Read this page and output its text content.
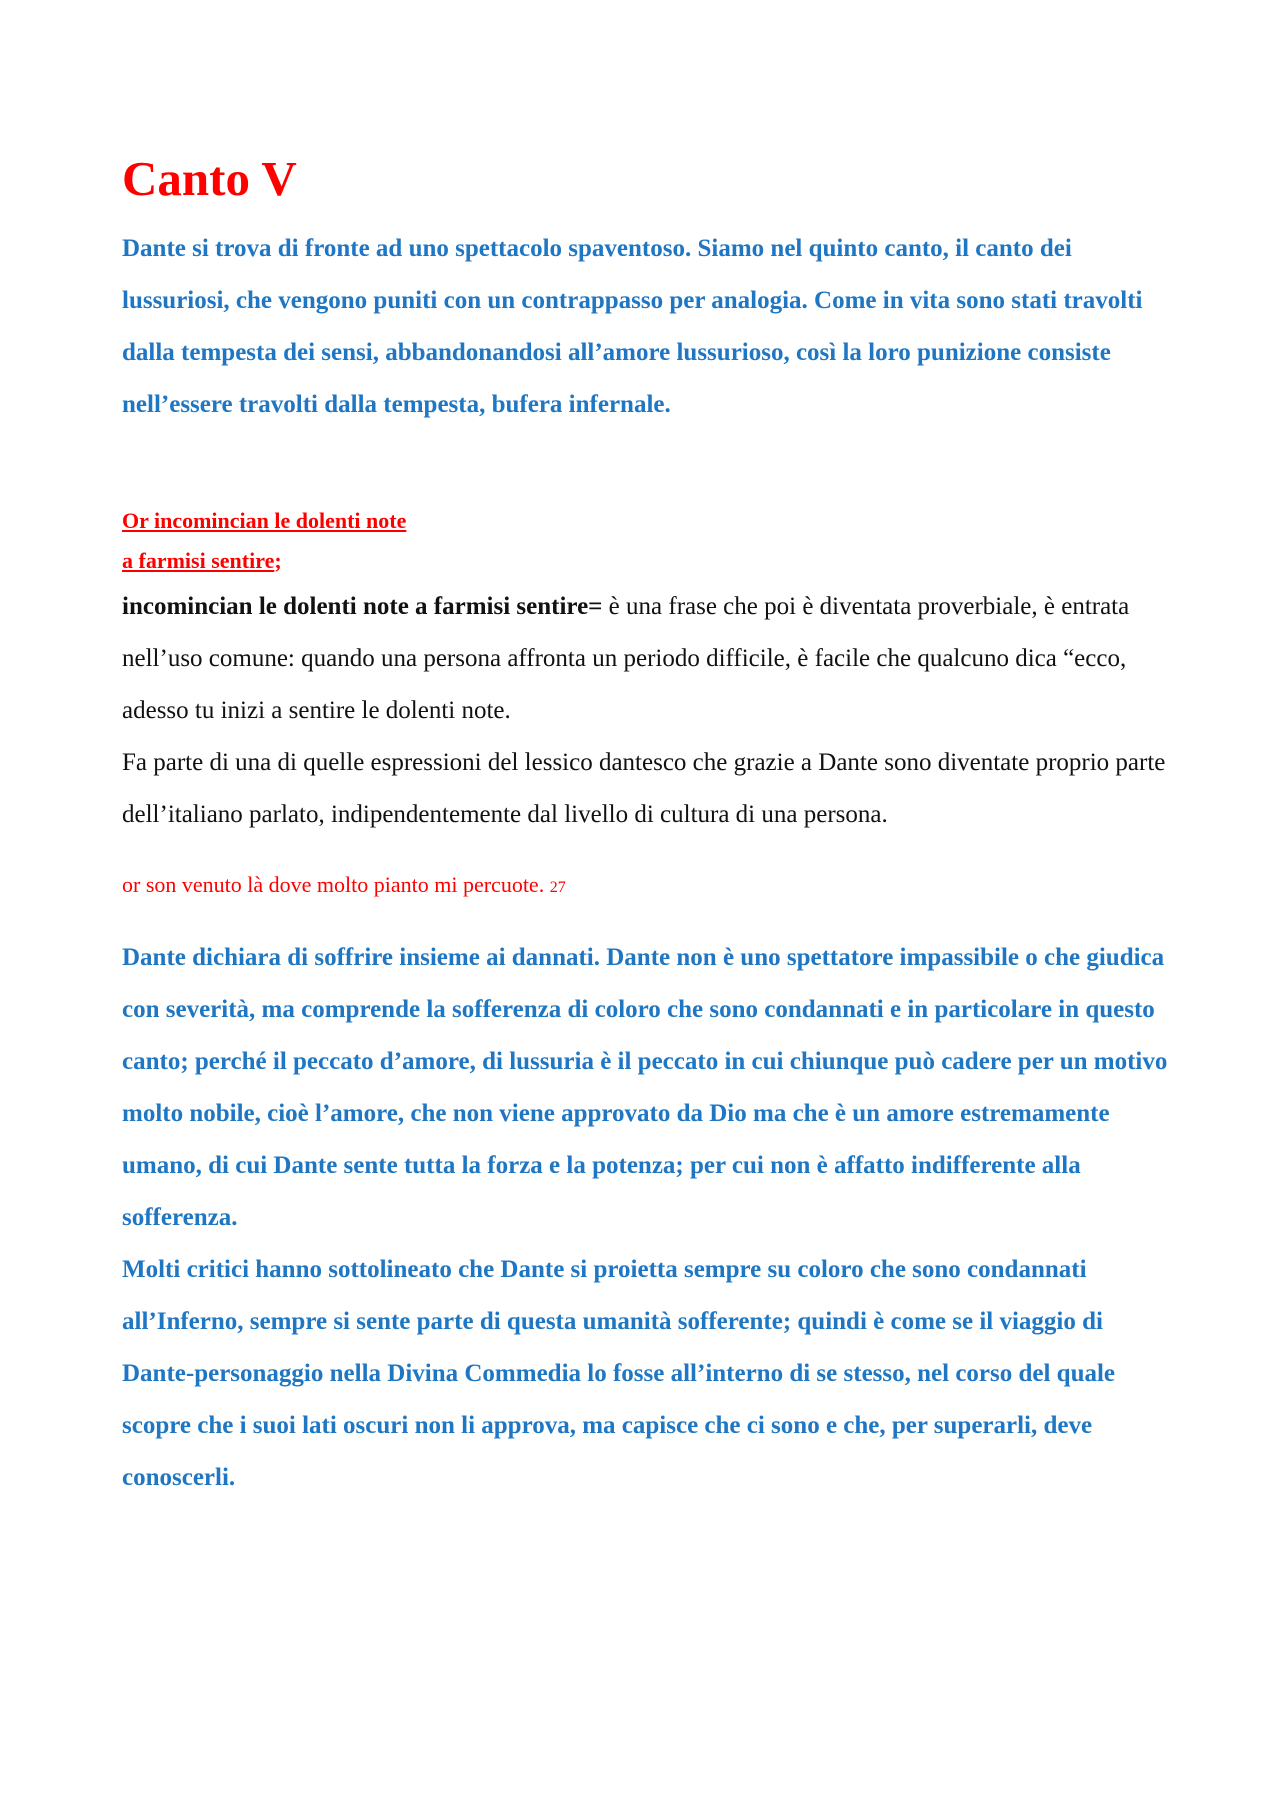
Canto V

Dante si trova di fronte ad uno spettacolo spaventoso. Siamo nel quinto canto, il canto dei lussuriosi, che vengono puniti con un contrappasso per analogia. Come in vita sono stati travolti dalla tempesta dei sensi, abbandonandosi all’amore lussurioso, così la loro punizione consiste nell’essere travolti dalla tempesta, bufera infernale.

Or incomincian le dolenti note
a farmisi sentire;

incomincian le dolenti note a farmisi sentire= è una frase che poi è diventata proverbiale, è entrata nell’uso comune: quando una persona affronta un periodo difficile, è facile che qualcuno dica “ecco, adesso tu inizi a sentire le dolenti note.

Fa parte di una di quelle espressioni del lessico dantesco che grazie a Dante sono diventate proprio parte dell’italiano parlato, indipendentemente dal livello di cultura di una persona.

or son venuto là dove molto pianto mi percuote. 27

Dante dichiara di soffrire insieme ai dannati. Dante non è uno spettatore impassibile o che giudica con severità, ma comprende la sofferenza di coloro che sono condannati e in particolare in questo canto; perché il peccato d’amore, di lussuria è il peccato in cui chiunque può cadere per un motivo molto nobile, cioè l’amore, che non viene approvato da Dio ma che è un amore estremamente umano, di cui Dante sente tutta la forza e la potenza; per cui non è affatto indifferente alla sofferenza.

Molti critici hanno sottolineato che Dante si proietta sempre su coloro che sono condannati all’Inferno, sempre si sente parte di questa umanità sofferente; quindi è come se il viaggio di Dante-personaggio nella Divina Commedia lo fosse all’interno di se stesso, nel corso del quale scopre che i suoi lati oscuri non li approva, ma capisce che ci sono e che, per superarli, deve conoscerli.
